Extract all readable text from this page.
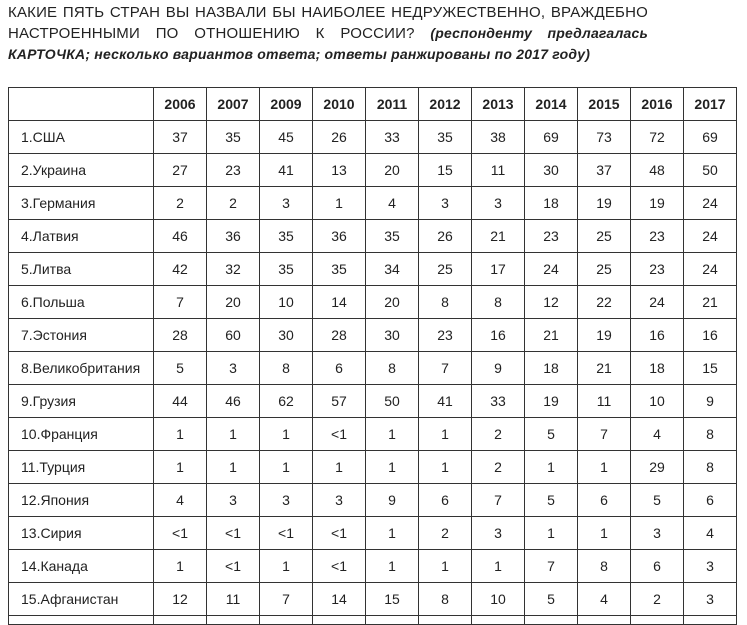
КАКИЕ ПЯТЬ СТРАН ВЫ НАЗВАЛИ БЫ НАИБОЛЕЕ НЕДРУЖЕСТВЕННО, ВРАЖДЕБНО НАСТРОЕННЫМИ ПО ОТНОШЕНИЮ К РОССИИ? (респонденту предлагалась КАРТОЧКА; несколько вариантов ответа; ответы ранжированы по 2017 году)
	2006	2007	2009	2010	2011	2012	2013	2014	2015	2016	2017
1.США	37	35	45	26	33	35	38	69	73	72	69
2.Украина	27	23	41	13	20	15	11	30	37	48	50
3.Германия	2	2	3	1	4	3	3	18	19	19	24
4.Латвия	46	36	35	36	35	26	21	23	25	23	24
5.Литва	42	32	35	35	34	25	17	24	25	23	24
6.Польша	7	20	10	14	20	8	8	12	22	24	21
7.Эстония	28	60	30	28	30	23	16	21	19	16	16
8.Великобритания	5	3	8	6	8	7	9	18	21	18	15
9.Грузия	44	46	62	57	50	41	33	19	11	10	9
10.Франция	1	1	1	<1	1	1	2	5	7	4	8
11.Турция	1	1	1	1	1	1	2	1	1	29	8
12.Япония	4	3	3	3	9	6	7	5	6	5	6
13.Сирия	<1	<1	<1	<1	1	2	3	1	1	3	4
14.Канада	1	<1	1	<1	1	1	1	7	8	6	3
15.Афганистан	12	11	7	14	15	8	10	5	4	2	3
